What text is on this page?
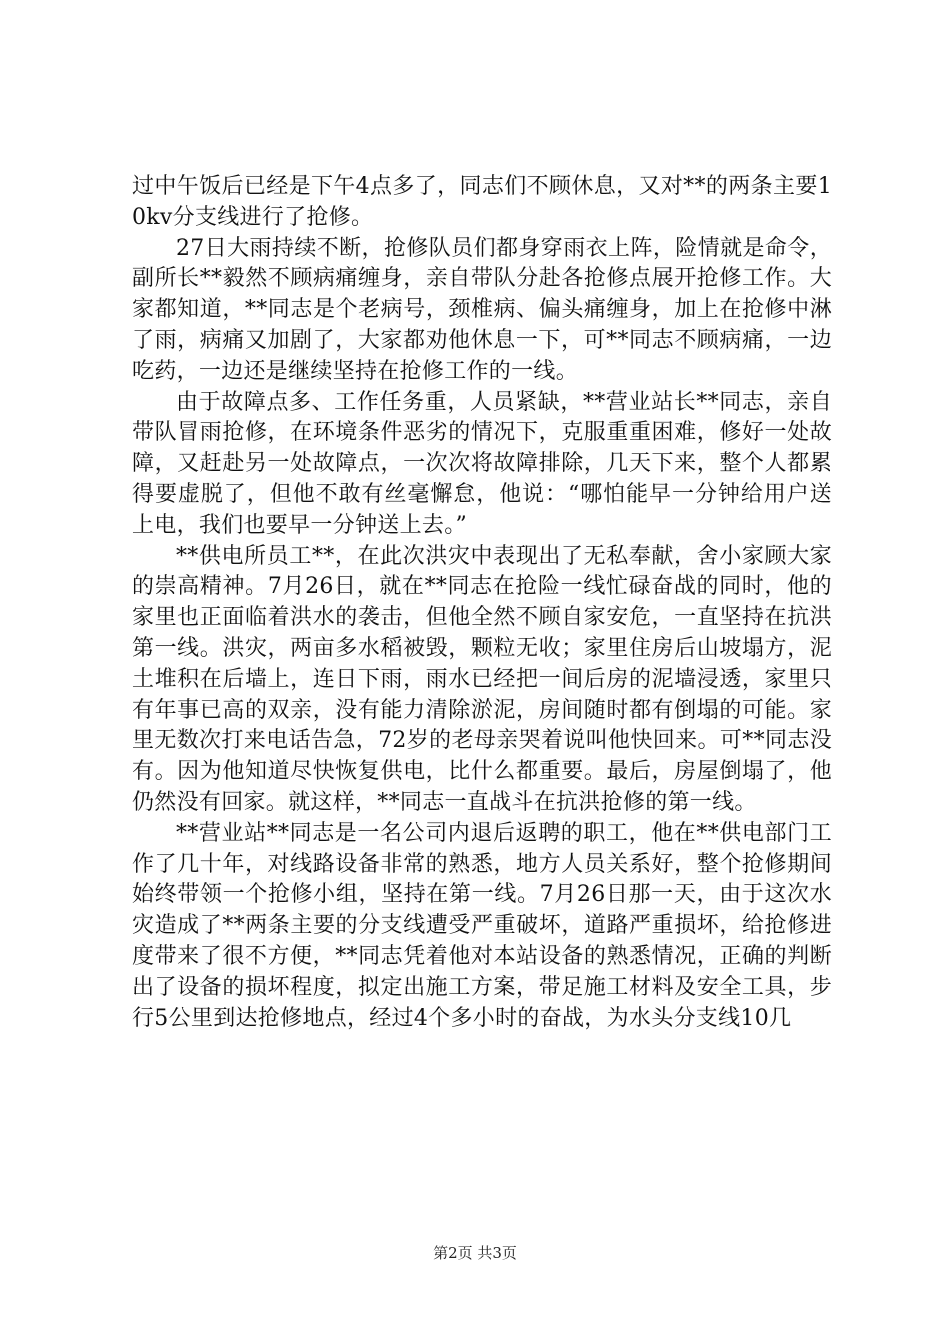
过中午饭后已经是下午4点多了，同志们不顾休息，又对**的两条主要10kv分支线进行了抢修。

27日大雨持续不断，抢修队员们都身穿雨衣上阵，险情就是命令，副所长**毅然不顾病痛缠身，亲自带队分赴各抢修点展开抢修工作。大家都知道，**同志是个老病号，颈椎病、偏头痛缠身，加上在抢修中淋了雨，病痛又加剧了，大家都劝他休息一下，可**同志不顾病痛，一边吃药，一边还是继续坚持在抢修工作的一线。

由于故障点多、工作任务重，人员紧缺，**营业站长**同志，亲自带队冒雨抢修，在环境条件恶劣的情况下，克服重重困难，修好一处故障，又赶赴另一处故障点，一次次将故障排除，几天下来，整个人都累得要虚脱了，但他不敢有丝毫懈怠，他说：“哪怕能早一分钟给用户送上电，我们也要早一分钟送上去。”

**供电所员工**，在此次洪灾中表现出了无私奉献，舍小家顾大家的崇高精神。7月26日，就在**同志在抢险一线忙碌奋战的同时，他的家里也正面临着洪水的袭击，但他全然不顾自家安危，一直坚持在抗洪第一线。洪灾，两亩多水稻被毁，颗粒无收；家里住房后山坡塌方，泥土堆积在后墙上，连日下雨，雨水已经把一间后房的泥墙浸透，家里只有年事已高的双亲，没有能力清除淤泥，房间随时都有倒塌的可能。家里无数次打来电话告急，72岁的老母亲哭着说叫他快回来。可**同志没有。因为他知道尽快恢复供电，比什么都重要。最后，房屋倒塌了，他仍然没有回家。就这样，**同志一直战斗在抗洪抢修的第一线。

**营业站**同志是一名公司内退后返聘的职工，他在**供电部门工作了几十年，对线路设备非常的熟悉，地方人员关系好，整个抢修期间始终带领一个抢修小组，坚持在第一线。7月26日那一天，由于这次水灾造成了**两条主要的分支线遭受严重破坏，道路严重损坏，给抢修进度带来了很不方便，**同志凭着他对本站设备的熟悉情况，正确的判断出了设备的损坏程度，拟定出施工方案，带足施工材料及安全工具，步行5公里到达抢修地点，经过4个多小时的奋战，为水头分支线10几

第2页 共3页
